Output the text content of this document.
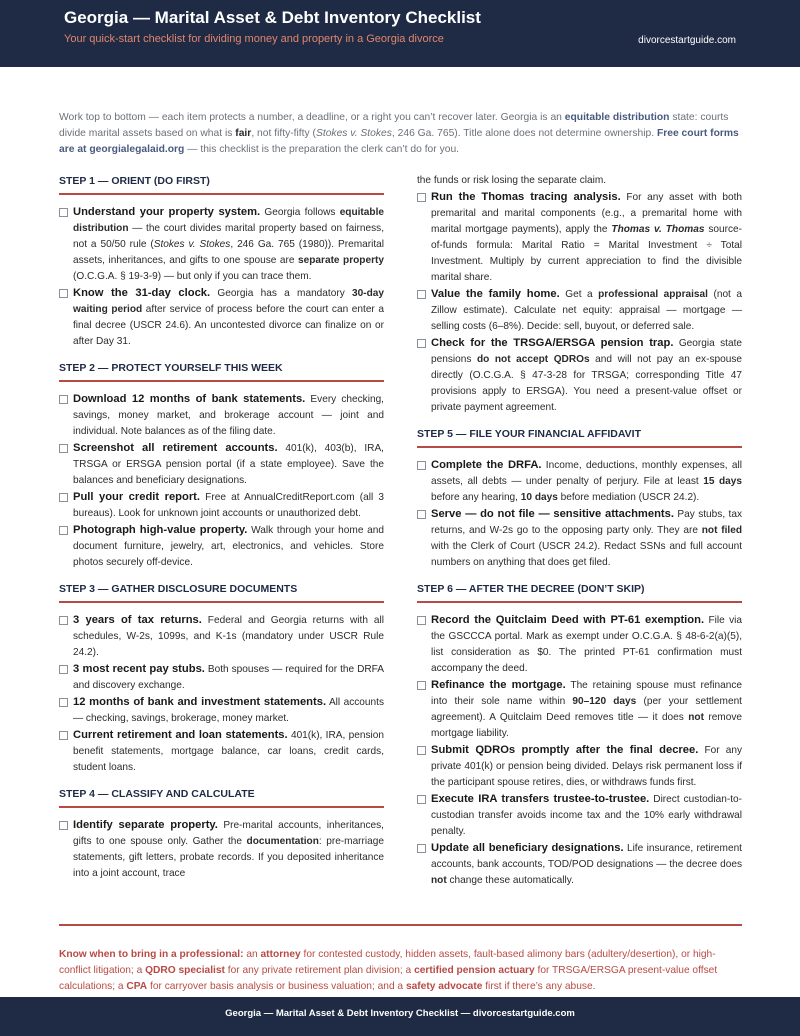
Georgia — Marital Asset & Debt Inventory Checklist
Your quick-start checklist for dividing money and property in a Georgia divorce	divorcestartguide.com
Work top to bottom — each item protects a number, a deadline, or a right you can’t recover later. Georgia is an equitable distribution state: courts divide marital assets based on what is fair, not fifty-fifty (Stokes v. Stokes, 246 Ga. 765). Title alone does not determine ownership. Free court forms are at georgialegalaid.org — this checklist is the preparation the clerk can’t do for you.
STEP 1 — ORIENT (DO FIRST)
Understand your property system. Georgia follows equitable distribution — the court divides marital property based on fairness, not a 50/50 rule (Stokes v. Stokes, 246 Ga. 765 (1980)). Premarital assets, inheritances, and gifts to one spouse are separate property (O.C.G.A. § 19-3-9) — but only if you can trace them.
Know the 31-day clock. Georgia has a mandatory 30-day waiting period after service of process before the court can enter a final decree (USCR 24.6). An uncontested divorce can finalize on or after Day 31.
STEP 2 — PROTECT YOURSELF THIS WEEK
Download 12 months of bank statements. Every checking, savings, money market, and brokerage account — joint and individual. Note balances as of the filing date.
Screenshot all retirement accounts. 401(k), 403(b), IRA, TRSGA or ERSGA pension portal (if a state employee). Save the balances and beneficiary designations.
Pull your credit report. Free at AnnualCreditReport.com (all 3 bureaus). Look for unknown joint accounts or unauthorized debt.
Photograph high-value property. Walk through your home and document furniture, jewelry, art, electronics, and vehicles. Store photos securely off-device.
STEP 3 — GATHER DISCLOSURE DOCUMENTS
3 years of tax returns. Federal and Georgia returns with all schedules, W-2s, 1099s, and K-1s (mandatory under USCR Rule 24.2).
3 most recent pay stubs. Both spouses — required for the DRFA and discovery exchange.
12 months of bank and investment statements. All accounts — checking, savings, brokerage, money market.
Current retirement and loan statements. 401(k), IRA, pension benefit statements, mortgage balance, car loans, credit cards, student loans.
STEP 4 — CLASSIFY AND CALCULATE
Identify separate property. Pre-marital accounts, inheritances, gifts to one spouse only. Gather the documentation: pre-marriage statements, gift letters, probate records. If you deposited inheritance into a joint account, trace
the funds or risk losing the separate claim.
Run the Thomas tracing analysis. For any asset with both premarital and marital components (e.g., a premarital home with marital mortgage payments), apply the Thomas v. Thomas source-of-funds formula: Marital Ratio = Marital Investment ÷ Total Investment. Multiply by current appreciation to find the divisible marital share.
Value the family home. Get a professional appraisal (not a Zillow estimate). Calculate net equity: appraisal — mortgage — selling costs (6–8%). Decide: sell, buyout, or deferred sale.
Check for the TRSGA/ERSGA pension trap. Georgia state pensions do not accept QDROs and will not pay an ex-spouse directly (O.C.G.A. § 47-3-28 for TRSGA; corresponding Title 47 provisions apply to ERSGA). You need a present-value offset or private payment agreement.
STEP 5 — FILE YOUR FINANCIAL AFFIDAVIT
Complete the DRFA. Income, deductions, monthly expenses, all assets, all debts — under penalty of perjury. File at least 15 days before any hearing, 10 days before mediation (USCR 24.2).
Serve — do not file — sensitive attachments. Pay stubs, tax returns, and W-2s go to the opposing party only. They are not filed with the Clerk of Court (USCR 24.2). Redact SSNs and full account numbers on anything that does get filed.
STEP 6 — AFTER THE DECREE (DON’T SKIP)
Record the Quitclaim Deed with PT-61 exemption. File via the GSCCCA portal. Mark as exempt under O.C.G.A. § 48-6-2(a)(5), list consideration as $0. The printed PT-61 confirmation must accompany the deed.
Refinance the mortgage. The retaining spouse must refinance into their sole name within 90–120 days (per your settlement agreement). A Quitclaim Deed removes title — it does not remove mortgage liability.
Submit QDROs promptly after the final decree. For any private 401(k) or pension being divided. Delays risk permanent loss if the participant spouse retires, dies, or withdraws funds first.
Execute IRA transfers trustee-to-trustee. Direct custodian-to-custodian transfer avoids income tax and the 10% early withdrawal penalty.
Update all beneficiary designations. Life insurance, retirement accounts, bank accounts, TOD/POD designations — the decree does not change these automatically.
Know when to bring in a professional: an attorney for contested custody, hidden assets, fault-based alimony bars (adultery/desertion), or high-conflict litigation; a QDRO specialist for any private retirement plan division; a certified pension actuary for TRSGA/ERSGA present-value offset calculations; a CPA for carryover basis analysis or business valuation; and a safety advocate first if there’s any abuse.
Georgia — Marital Asset & Debt Inventory Checklist — divorcestartguide.com
